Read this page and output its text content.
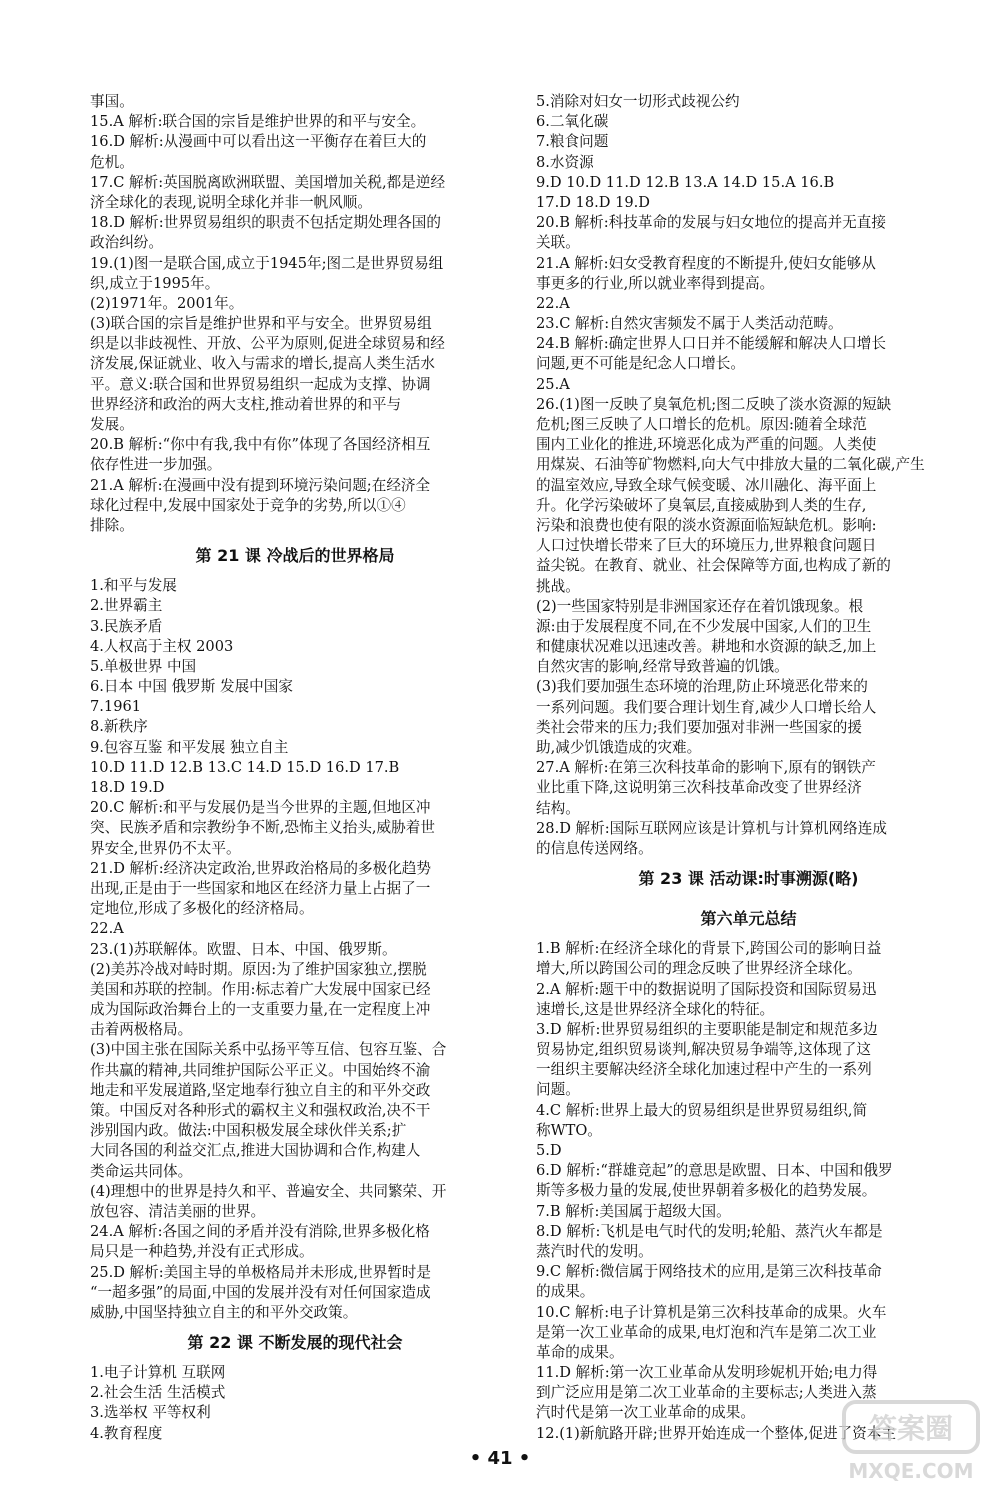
事国。
15.A 解析:联合国的宗旨是维护世界的和平与安全。
16.D 解析:从漫画中可以看出这一平衡存在着巨大的
危机。
17.C 解析:英国脱离欧洲联盟、美国增加关税,都是逆经
济全球化的表现,说明全球化并非一帆风顺。
18.D 解析:世界贸易组织的职责不包括定期处理各国的
政治纠纷。
19.(1)图一是联合国,成立于1945年;图二是世界贸易组
织,成立于1995年。
(2)1971年。2001年。
(3)联合国的宗旨是维护世界和平与安全。世界贸易组
织是以非歧视性、开放、公平为原则,促进全球贸易和经
济发展,保证就业、收入与需求的增长,提高人类生活水
平。意义:联合国和世界贸易组织一起成为支撑、协调
世界经济和政治的两大支柱,推动着世界的和平与
发展。
20.B 解析:“你中有我,我中有你”体现了各国经济相互
依存性进一步加强。
21.A 解析:在漫画中没有提到环境污染问题;在经济全
球化过程中,发展中国家处于竞争的劣势,所以①④
排除。
第 21 课 冷战后的世界格局
1.和平与发展
2.世界霸主
3.民族矛盾
4.人权高于主权 2003
5.单极世界 中国
6.日本 中国 俄罗斯 发展中国家
7.1961
8.新秩序
9.包容互鉴 和平发展 独立自主
10.D 11.D 12.B 13.C 14.D 15.D 16.D 17.B
18.D 19.D
20.C 解析:和平与发展仍是当今世界的主题,但地区冲
突、民族矛盾和宗教纷争不断,恐怖主义抬头,威胁着世
界安全,世界仍不太平。
21.D 解析:经济决定政治,世界政治格局的多极化趋势
出现,正是由于一些国家和地区在经济力量上占据了一
定地位,形成了多极化的经济格局。
22.A
23.(1)苏联解体。欧盟、日本、中国、俄罗斯。
(2)美苏冷战对峙时期。原因:为了维护国家独立,摆脱
美国和苏联的控制。作用:标志着广大发展中国家已经
成为国际政治舞台上的一支重要力量,在一定程度上冲
击着两极格局。
(3)中国主张在国际关系中弘扬平等互信、包容互鉴、合
作共赢的精神,共同维护国际公平正义。中国始终不渝
地走和平发展道路,坚定地奉行独立自主的和平外交政
策。中国反对各种形式的霸权主义和强权政治,决不干
涉别国内政。做法:中国积极发展全球伙伴关系;扩
大同各国的利益交汇点,推进大国协调和合作,构建人
类命运共同体。
(4)理想中的世界是持久和平、普遍安全、共同繁荣、开
放包容、清洁美丽的世界。
24.A 解析:各国之间的矛盾并没有消除,世界多极化格
局只是一种趋势,并没有正式形成。
25.D 解析:美国主导的单极格局并未形成,世界暂时是
“一超多强”的局面,中国的发展并没有对任何国家造成
威胁,中国坚持独立自主的和平外交政策。
第 22 课 不断发展的现代社会
1.电子计算机 互联网
2.社会生活 生活模式
3.选举权 平等权利
4.教育程度
5.消除对妇女一切形式歧视公约
6.二氧化碳
7.粮食问题
8.水资源
9.D 10.D 11.D 12.B 13.A 14.D 15.A 16.B
17.D 18.D 19.D
20.B 解析:科技革命的发展与妇女地位的提高并无直接
关联。
21.A 解析:妇女受教育程度的不断提升,使妇女能够从
事更多的行业,所以就业率得到提高。
22.A
23.C 解析:自然灾害频发不属于人类活动范畴。
24.B 解析:确定世界人口日并不能缓解和解决人口增长
问题,更不可能是纪念人口增长。
25.A
26.(1)图一反映了臭氧危机;图二反映了淡水资源的短缺
危机;图三反映了人口增长的危机。原因:随着全球范
围内工业化的推进,环境恶化成为严重的问题。人类使
用煤炭、石油等矿物燃料,向大气中排放大量的二氧化碳,产生
的温室效应,导致全球气候变暖、冰川融化、海平面上
升。化学污染破坏了臭氧层,直接威胁到人类的生存,
污染和浪费也使有限的淡水资源面临短缺危机。影响:
人口过快增长带来了巨大的环境压力,世界粮食问题日
益尖锐。在教育、就业、社会保障等方面,也构成了新的
挑战。
(2)一些国家特别是非洲国家还存在着饥饿现象。根
源:由于发展程度不同,在不少发展中国家,人们的卫生
和健康状况难以迅速改善。耕地和水资源的缺乏,加上
自然灾害的影响,经常导致普遍的饥饿。
(3)我们要加强生态环境的治理,防止环境恶化带来的
一系列问题。我们要合理计划生育,减少人口增长给人
类社会带来的压力;我们要加强对非洲一些国家的援
助,减少饥饿造成的灾难。
27.A 解析:在第三次科技革命的影响下,原有的钢铁产
业比重下降,这说明第三次科技革命改变了世界经济
结构。
28.D 解析:国际互联网应该是计算机与计算机网络连成
的信息传送网络。
第 23 课 活动课:时事溯源(略)
第六单元总结
1.B 解析:在经济全球化的背景下,跨国公司的影响日益
增大,所以跨国公司的理念反映了世界经济全球化。
2.A 解析:题干中的数据说明了国际投资和国际贸易迅
速增长,这是世界经济全球化的特征。
3.D 解析:世界贸易组织的主要职能是制定和规范多边
贸易协定,组织贸易谈判,解决贸易争端等,这体现了这
一组织主要解决经济全球化加速过程中产生的一系列
问题。
4.C 解析:世界上最大的贸易组织是世界贸易组织,简
称WTO。
5.D
6.D 解析:“群雄竞起”的意思是欧盟、日本、中国和俄罗
斯等多极力量的发展,使世界朝着多极化的趋势发展。
7.B 解析:美国属于超级大国。
8.D 解析:飞机是电气时代的发明;轮船、蒸汽火车都是
蒸汽时代的发明。
9.C 解析:微信属于网络技术的应用,是第三次科技革命
的成果。
10.C 解析:电子计算机是第三次科技革命的成果。火车
是第一次工业革命的成果,电灯泡和汽车是第二次工业
革命的成果。
11.D 解析:第一次工业革命从发明珍妮机开始;电力得
到广泛应用是第二次工业革命的主要标志;人类进入蒸
汽时代是第一次工业革命的成果。
12.(1)新航路开辟;世界开始连成一个整体,促进了资本主
• 41 •
答案圈
MXQE.COM
